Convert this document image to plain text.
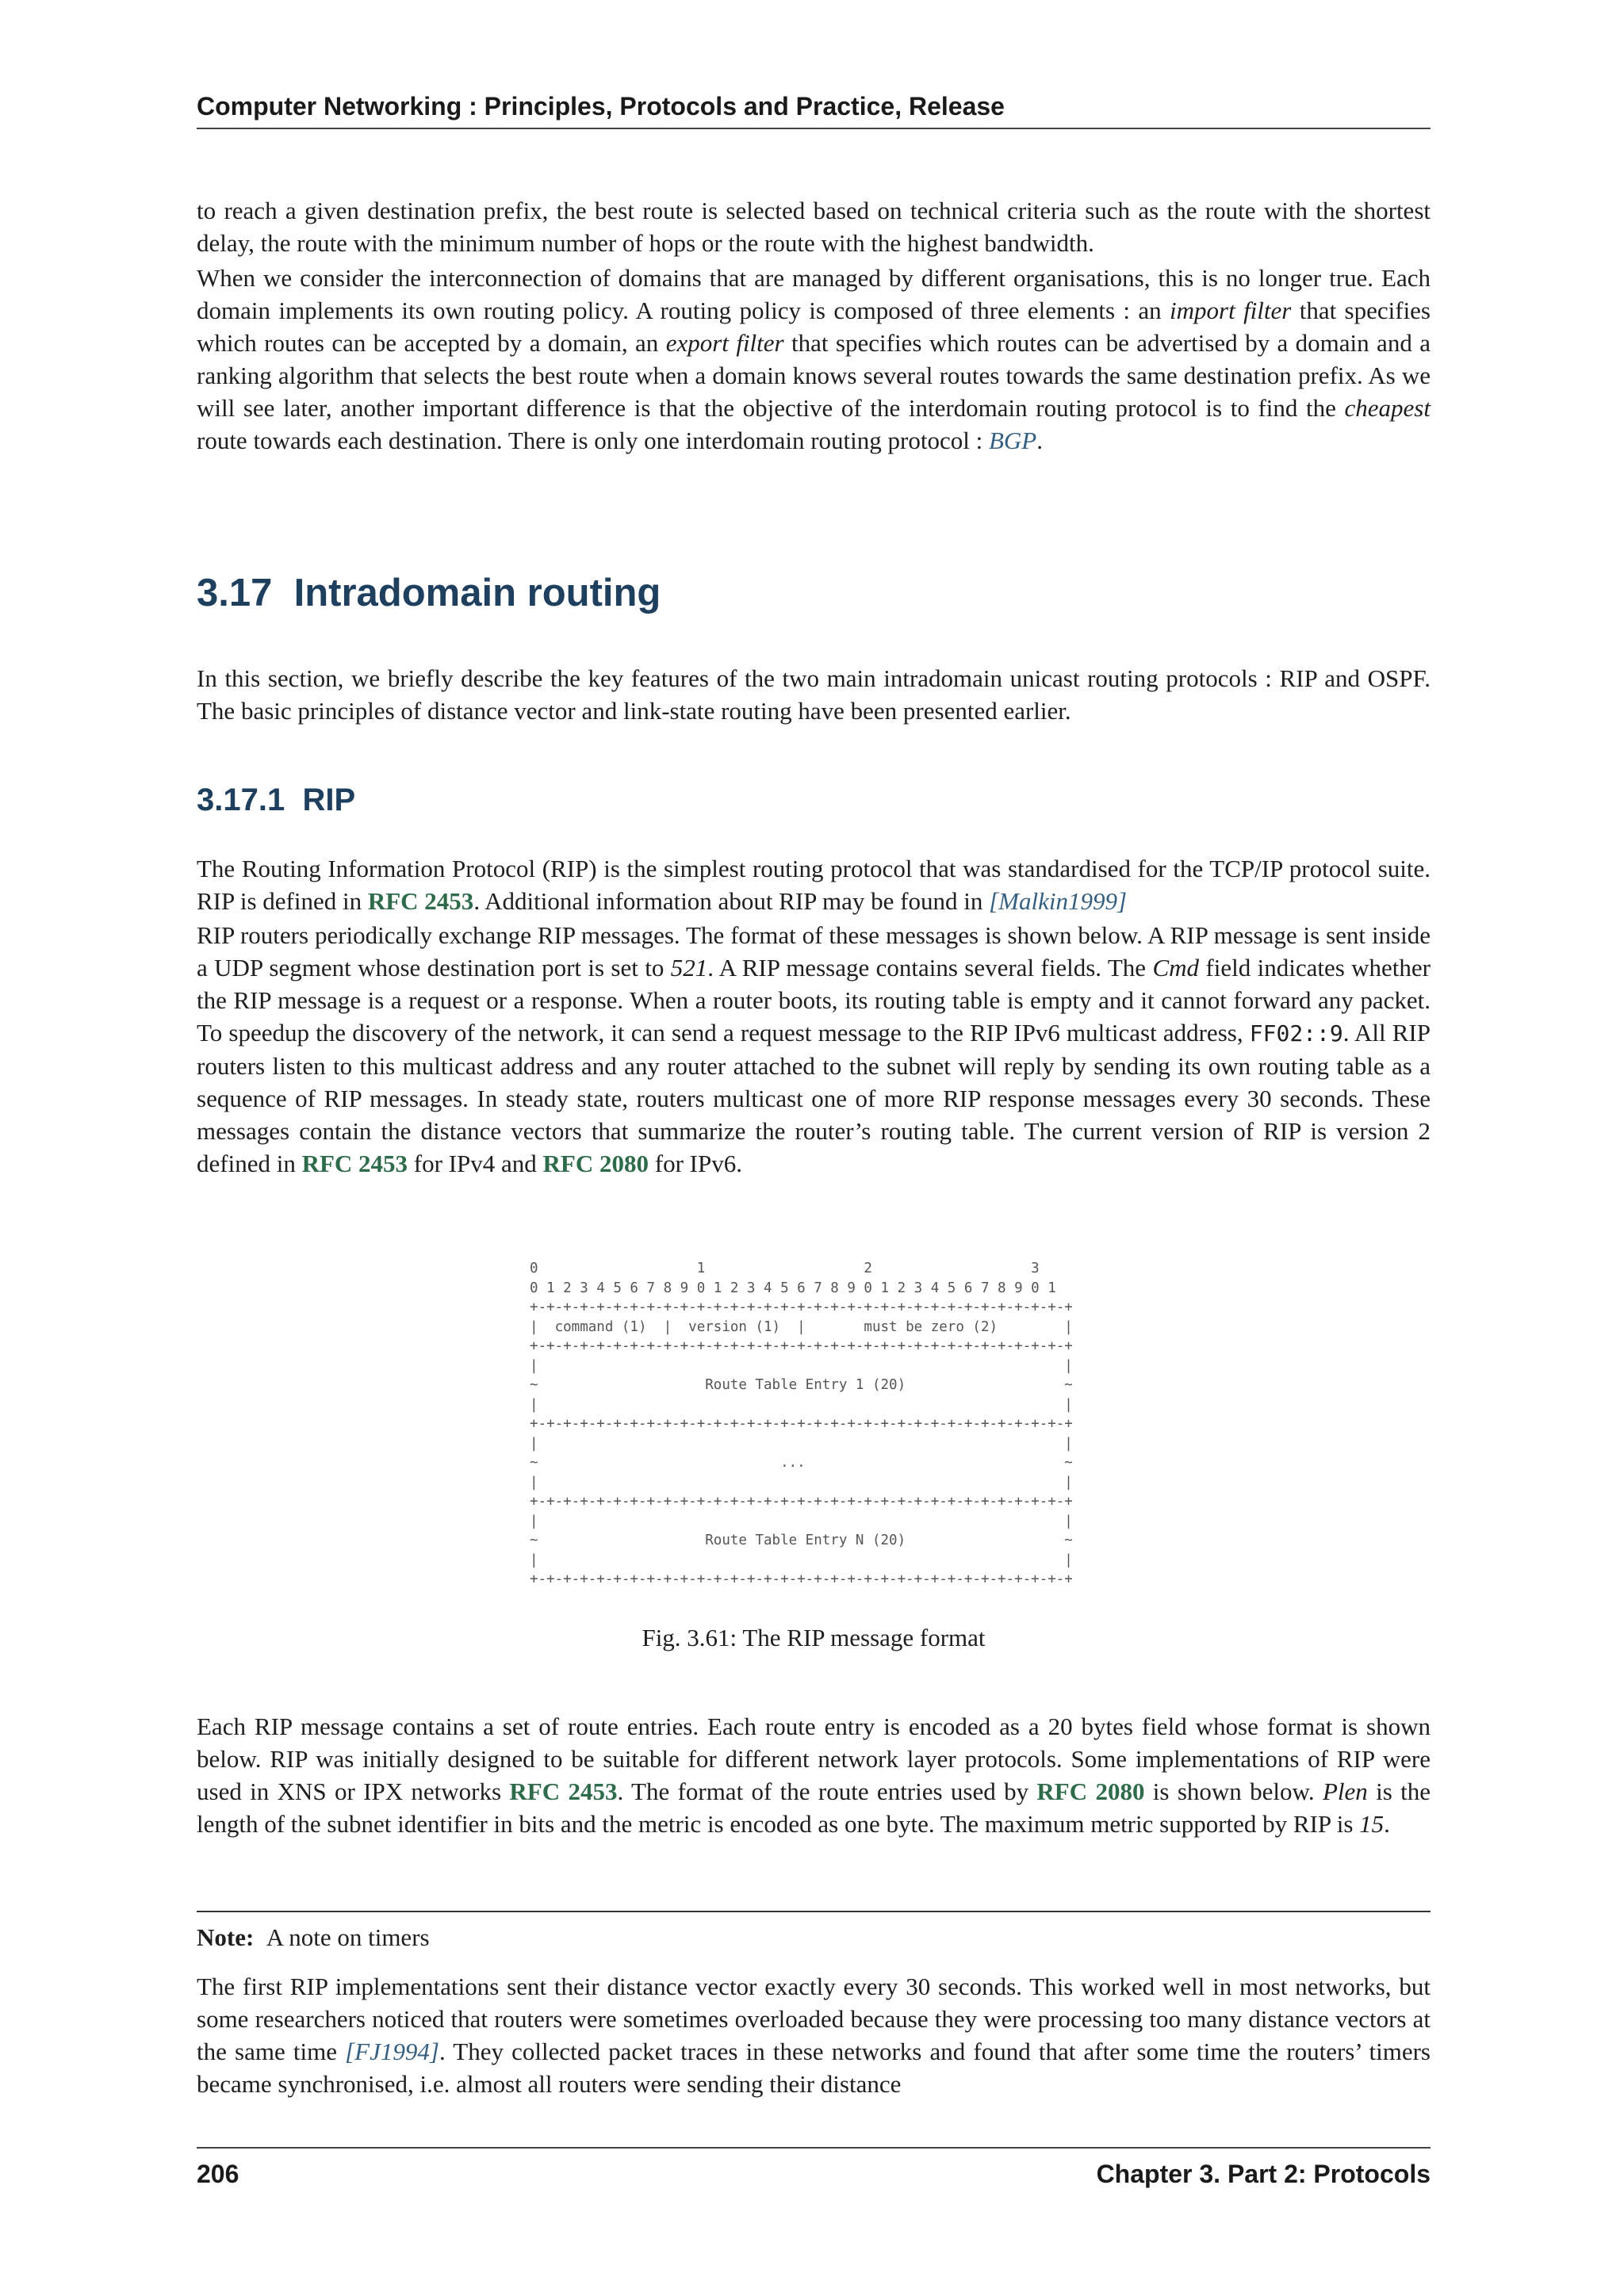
Computer Networking : Principles, Protocols and Practice, Release

to reach a given destination prefix, the best route is selected based on technical criteria such as the route with the shortest delay, the route with the minimum number of hops or the route with the highest bandwidth.

When we consider the interconnection of domains that are managed by different organisations, this is no longer true. Each domain implements its own routing policy. A routing policy is composed of three elements : an import filter that specifies which routes can be accepted by a domain, an export filter that specifies which routes can be advertised by a domain and a ranking algorithm that selects the best route when a domain knows several routes towards the same destination prefix. As we will see later, another important difference is that the objective of the interdomain routing protocol is to find the cheapest route towards each destination. There is only one interdomain routing protocol : BGP.

3.17 Intradomain routing

In this section, we briefly describe the key features of the two main intradomain unicast routing protocols : RIP and OSPF. The basic principles of distance vector and link-state routing have been presented earlier.

3.17.1 RIP

The Routing Information Protocol (RIP) is the simplest routing protocol that was standardised for the TCP/IP protocol suite. RIP is defined in RFC 2453. Additional information about RIP may be found in [Malkin1999]

RIP routers periodically exchange RIP messages. The format of these messages is shown below. A RIP message is sent inside a UDP segment whose destination port is set to 521. A RIP message contains several fields. The Cmd field indicates whether the RIP message is a request or a response. When a router boots, its routing table is empty and it cannot forward any packet. To speedup the discovery of the network, it can send a request message to the RIP IPv6 multicast address, FF02::9. All RIP routers listen to this multicast address and any router attached to the subnet will reply by sending its own routing table as a sequence of RIP messages. In steady state, routers multicast one of more RIP response messages every 30 seconds. These messages contain the distance vectors that summarize the router’s routing table. The current version of RIP is version 2 defined in RFC 2453 for IPv4 and RFC 2080 for IPv6.

0                   1                   2                   3
0 1 2 3 4 5 6 7 8 9 0 1 2 3 4 5 6 7 8 9 0 1 2 3 4 5 6 7 8 9 0 1
+-+-+-+-+-+-+-+-+-+-+-+-+-+-+-+-+-+-+-+-+-+-+-+-+-+-+-+-+-+-+-+-+
|  command (1)  |  version (1)  |       must be zero (2)        |
+-+-+-+-+-+-+-+-+-+-+-+-+-+-+-+-+-+-+-+-+-+-+-+-+-+-+-+-+-+-+-+-+
|                                                               |
~                    Route Table Entry 1 (20)                   ~
|                                                               |
+-+-+-+-+-+-+-+-+-+-+-+-+-+-+-+-+-+-+-+-+-+-+-+-+-+-+-+-+-+-+-+-+
|                                                               |
~                             ...                               ~
|                                                               |
+-+-+-+-+-+-+-+-+-+-+-+-+-+-+-+-+-+-+-+-+-+-+-+-+-+-+-+-+-+-+-+-+
|                                                               |
~                    Route Table Entry N (20)                   ~
|                                                               |
+-+-+-+-+-+-+-+-+-+-+-+-+-+-+-+-+-+-+-+-+-+-+-+-+-+-+-+-+-+-+-+-+
Fig. 3.61: The RIP message format

Each RIP message contains a set of route entries. Each route entry is encoded as a 20 bytes field whose format is shown below. RIP was initially designed to be suitable for different network layer protocols. Some implementations of RIP were used in XNS or IPX networks RFC 2453. The format of the route entries used by RFC 2080 is shown below. Plen is the length of the subnet identifier in bits and the metric is encoded as one byte. The maximum metric supported by RIP is 15.

Note: A note on timers

The first RIP implementations sent their distance vector exactly every 30 seconds. This worked well in most networks, but some researchers noticed that routers were sometimes overloaded because they were processing too many distance vectors at the same time [FJ1994]. They collected packet traces in these networks and found that after some time the routers’ timers became synchronised, i.e. almost all routers were sending their distance

206	Chapter 3. Part 2: Protocols
